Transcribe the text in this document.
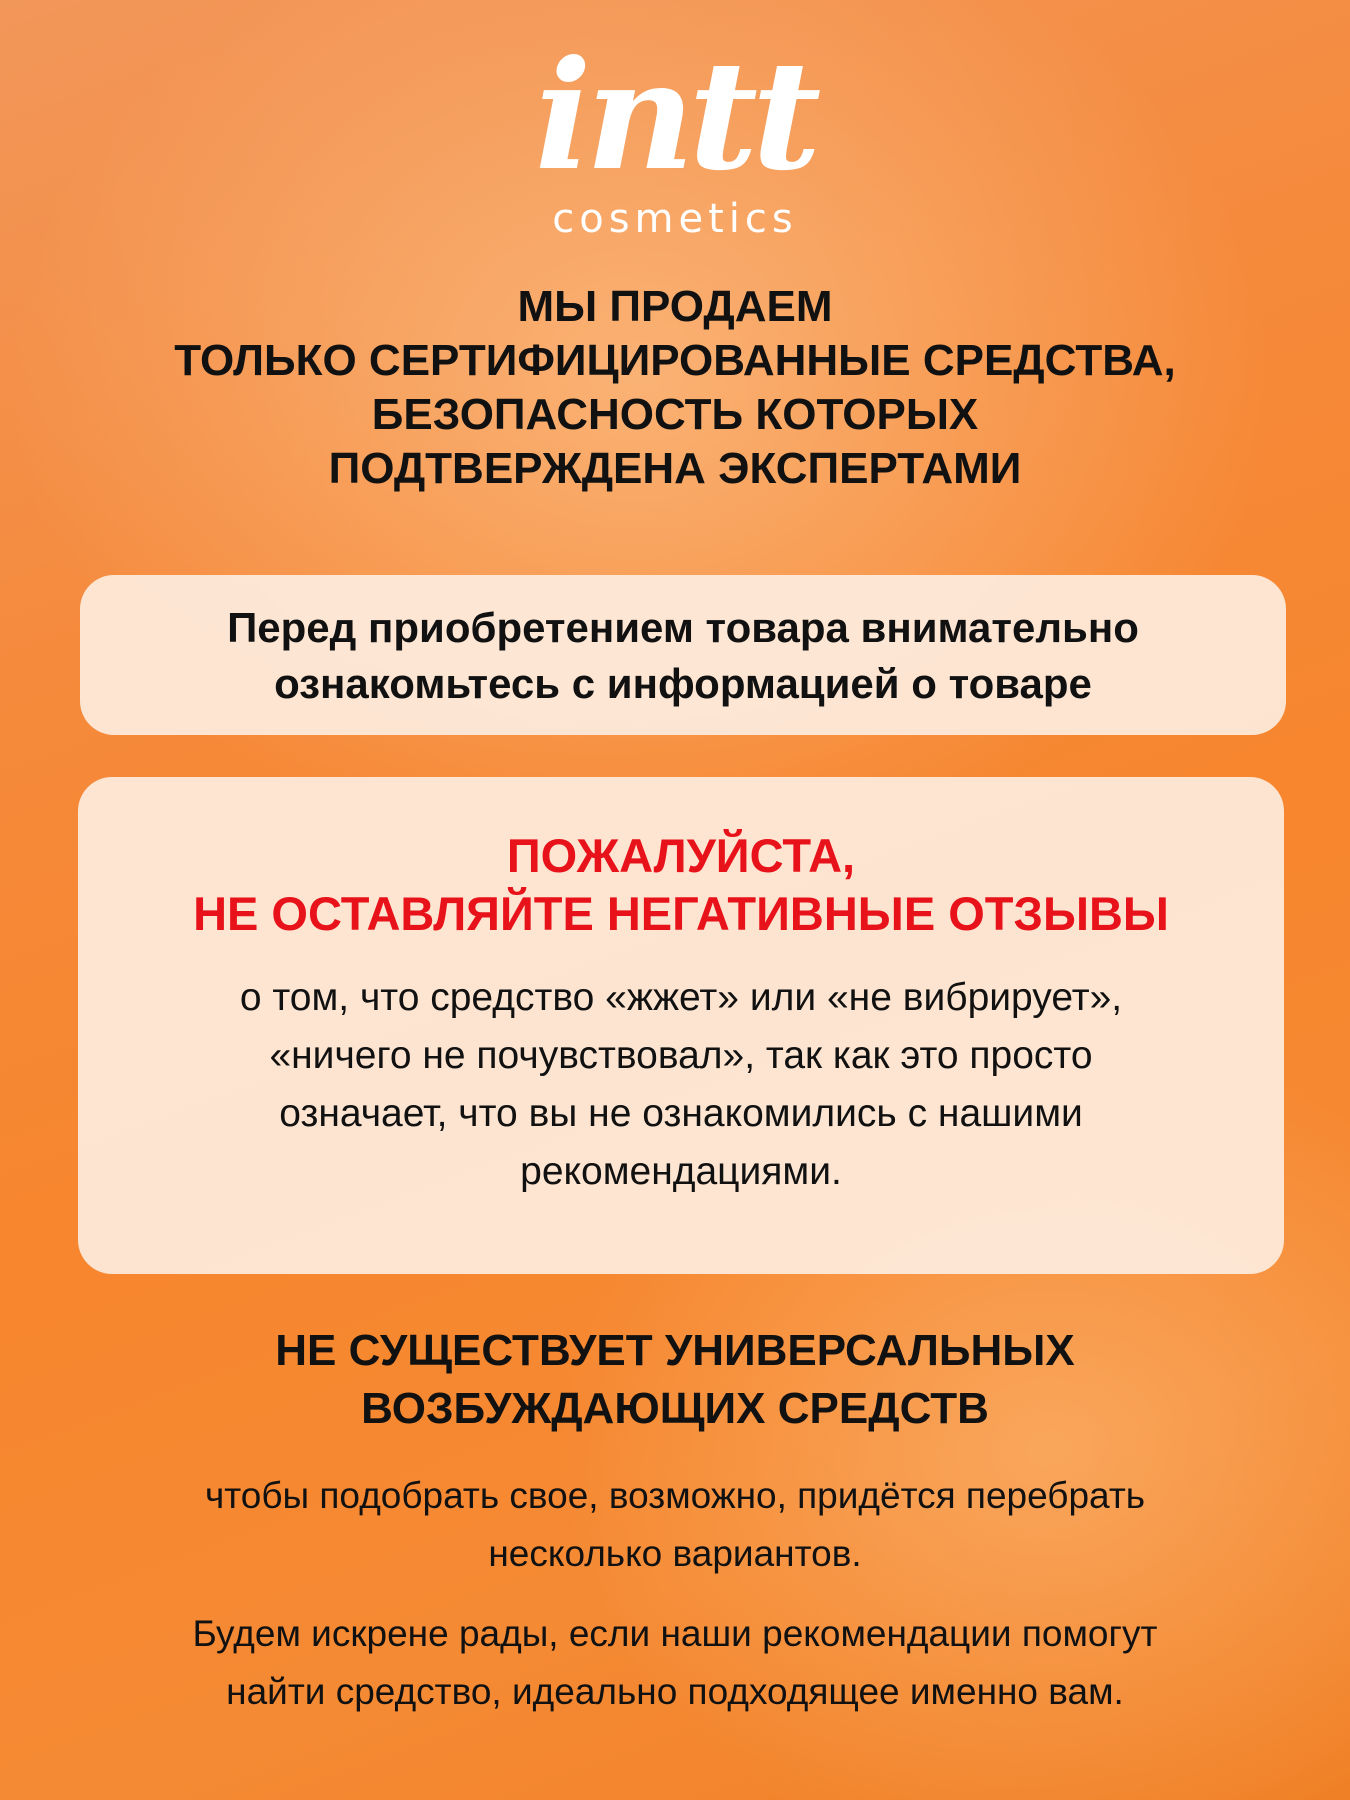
intt
cosmetics
МЫ ПРОДАЕМ
ТОЛЬКО СЕРТИФИЦИРОВАННЫЕ СРЕДСТВА,
БЕЗОПАСНОСТЬ КОТОРЫХ
ПОДТВЕРЖДЕНА ЭКСПЕРТАМИ
Перед приобретением товара внимательно
ознакомьтесь с информацией о товаре
ПОЖАЛУЙСТА,
НЕ ОСТАВЛЯЙТЕ НЕГАТИВНЫЕ ОТЗЫВЫ
о том, что средство «жжет» или «не вибрирует»,
«ничего не почувствовал», так как это просто
означает, что вы не ознакомились с нашими
рекомендациями.
НЕ СУЩЕСТВУЕТ УНИВЕРСАЛЬНЫХ
ВОЗБУЖДАЮЩИХ СРЕДСТВ
чтобы подобрать свое, возможно, придётся перебрать
несколько вариантов.
Будем искрене рады, если наши рекомендации помогут
найти средство, идеально подходящее именно вам.
